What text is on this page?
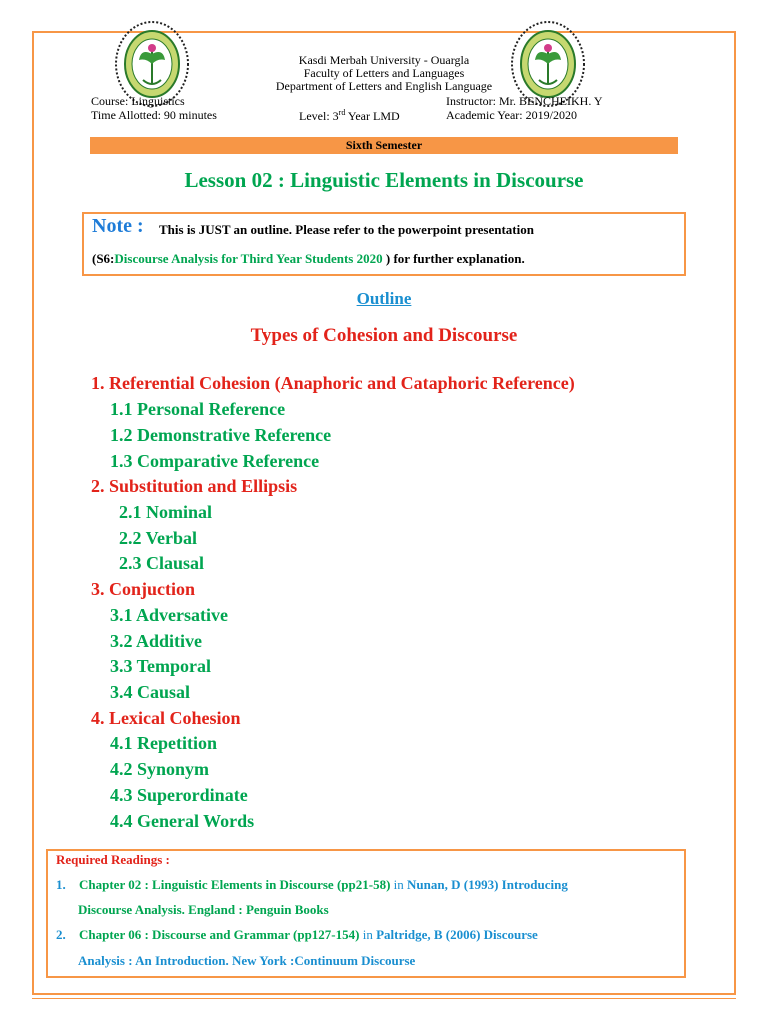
Kasdi Merbah University - Ouargla
Faculty of Letters and Languages
Department of Letters and English Language
Course: Linguistics
Time Allotted: 90 minutes	Level: 3rd Year LMD
Instructor: Mr. BENCHEIKH. Y
Academic Year: 2019/2020
Sixth Semester
Lesson 02 : Linguistic Elements in Discourse
Note : This is JUST an outline. Please refer to the powerpoint presentation
(S6:Discourse Analysis for Third Year Students 2020 ) for further explanation.
Outline
Types of Cohesion and Discourse
1. Referential Cohesion (Anaphoric and Cataphoric Reference)
1.1 Personal Reference
1.2 Demonstrative Reference
1.3 Comparative Reference
2. Substitution and Ellipsis
2.1 Nominal
2.2 Verbal
2.3 Clausal
3. Conjuction
3.1 Adversative
3.2 Additive
3.3 Temporal
3.4 Causal
4. Lexical Cohesion
4.1 Repetition
4.2 Synonym
4.3 Superordinate
4.4 General Words
Required Readings :
1. Chapter 02 : Linguistic Elements in Discourse (pp21-58) in Nunan, D (1993) Introducing
Discourse Analysis. England : Penguin Books
2. Chapter 06 : Discourse and Grammar (pp127-154) in Paltridge, B (2006) Discourse
Analysis : An Introduction. New York :Continuum Discourse
